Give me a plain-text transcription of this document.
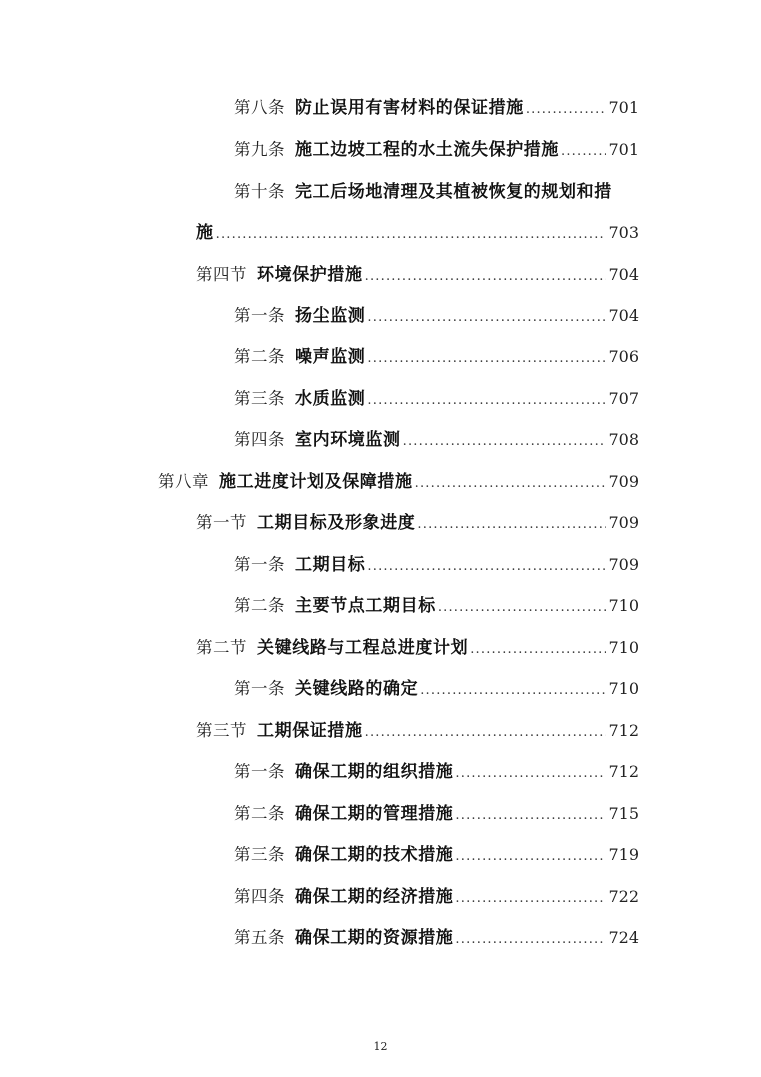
第八条 防止误用有害材料的保证措施 .....	701
第九条 施工边坡工程的水土流失保护措施 .....	701
第十条 完工后场地清理及其植被恢复的规划和措
施 .....	703
第四节 环境保护措施 .....	704
第一条 扬尘监测 .....	704
第二条 噪声监测 .....	706
第三条 水质监测 .....	707
第四条 室内环境监测 .....	708
第八章 施工进度计划及保障措施 .....	709
第一节 工期目标及形象进度 .....	709
第一条 工期目标 .....	709
第二条 主要节点工期目标 .....	710
第二节 关键线路与工程总进度计划 .....	710
第一条 关键线路的确定 .....	710
第三节 工期保证措施 .....	712
第一条 确保工期的组织措施 .....	712
第二条 确保工期的管理措施 .....	715
第三条 确保工期的技术措施 .....	719
第四条 确保工期的经济措施 .....	722
第五条 确保工期的资源措施 .....	724
12
